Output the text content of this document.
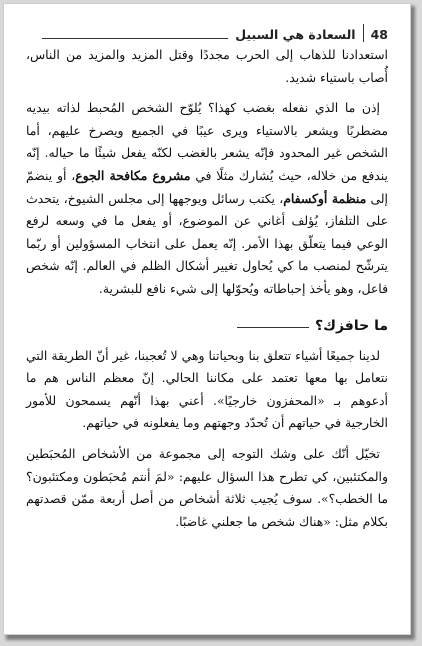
48
السعادة هي السبيل

استعدادنا للذهاب إلى الحرب مجددًا وقتل المزيد والمزيد من الناس، أُصاب باستياء شديد.

إذن ما الذي نفعله بغضب كهذا؟ يُلوّح الشخص المُحبط لذاته بيديه مضطربًا ويشعر بالاستياء ويرى عيبًا في الجميع ويصرخ عليهم، أما الشخص غير المحدود فإنّه يشعر بالغضب لكنّه يفعل شيئًا ما حياله. إنّه يندفع من خلاله، حيث يُشارك مثلًا في مشروع مكافحة الجوع، أو ينضمّ إلى منظمة أوكسفام، يكتب رسائل ويوجهها إلى مجلس الشيوخ، يتحدث على التلفاز، يُؤلف أغاني عن الموضوع، أو يفعل ما في وسعه لرفع الوعي فيما يتعلّق بهذا الأمر. إنّه يعمل على انتخاب المسؤولين أو ربّما يترشّح لمنصب ما كي يُحاول تغيير أشكال الظلم في العالم. إنّه شخص فاعل، وهو يأخذ إحباطاته ويُحوّلها إلى شيء نافع للبشرية.

ما حافزك؟

لدينا جميعًا أشياء تتعلق بنا وبحياتنا وهي لا تُعجبنا، غير أنّ الطريقة التي نتعامل بها معها تعتمد على مكاننا الحالي. إنّ معظم الناس هم ما أدعوهم بـ «المحفزون خارجيًا». أعني بهذا أنّهم يسمحون للأمور الخارجية في حياتهم أن تُحدّد وجهتهم وما يفعلونه في حياتهم.

تخيّل أنّك على وشك التوجه إلى مجموعة من الأشخاص المُحبَطين والمكتئبين، كي تطرح هذا السؤال عليهم: «لمَ أنتم مُحبَطون ومكتئبون؟ ما الخطب؟». سوف يُجيب ثلاثة أشخاص من أصل أربعة ممّن قصدتهم بكلام مثل: «هناك شخص ما جعلني غاضبًا.
